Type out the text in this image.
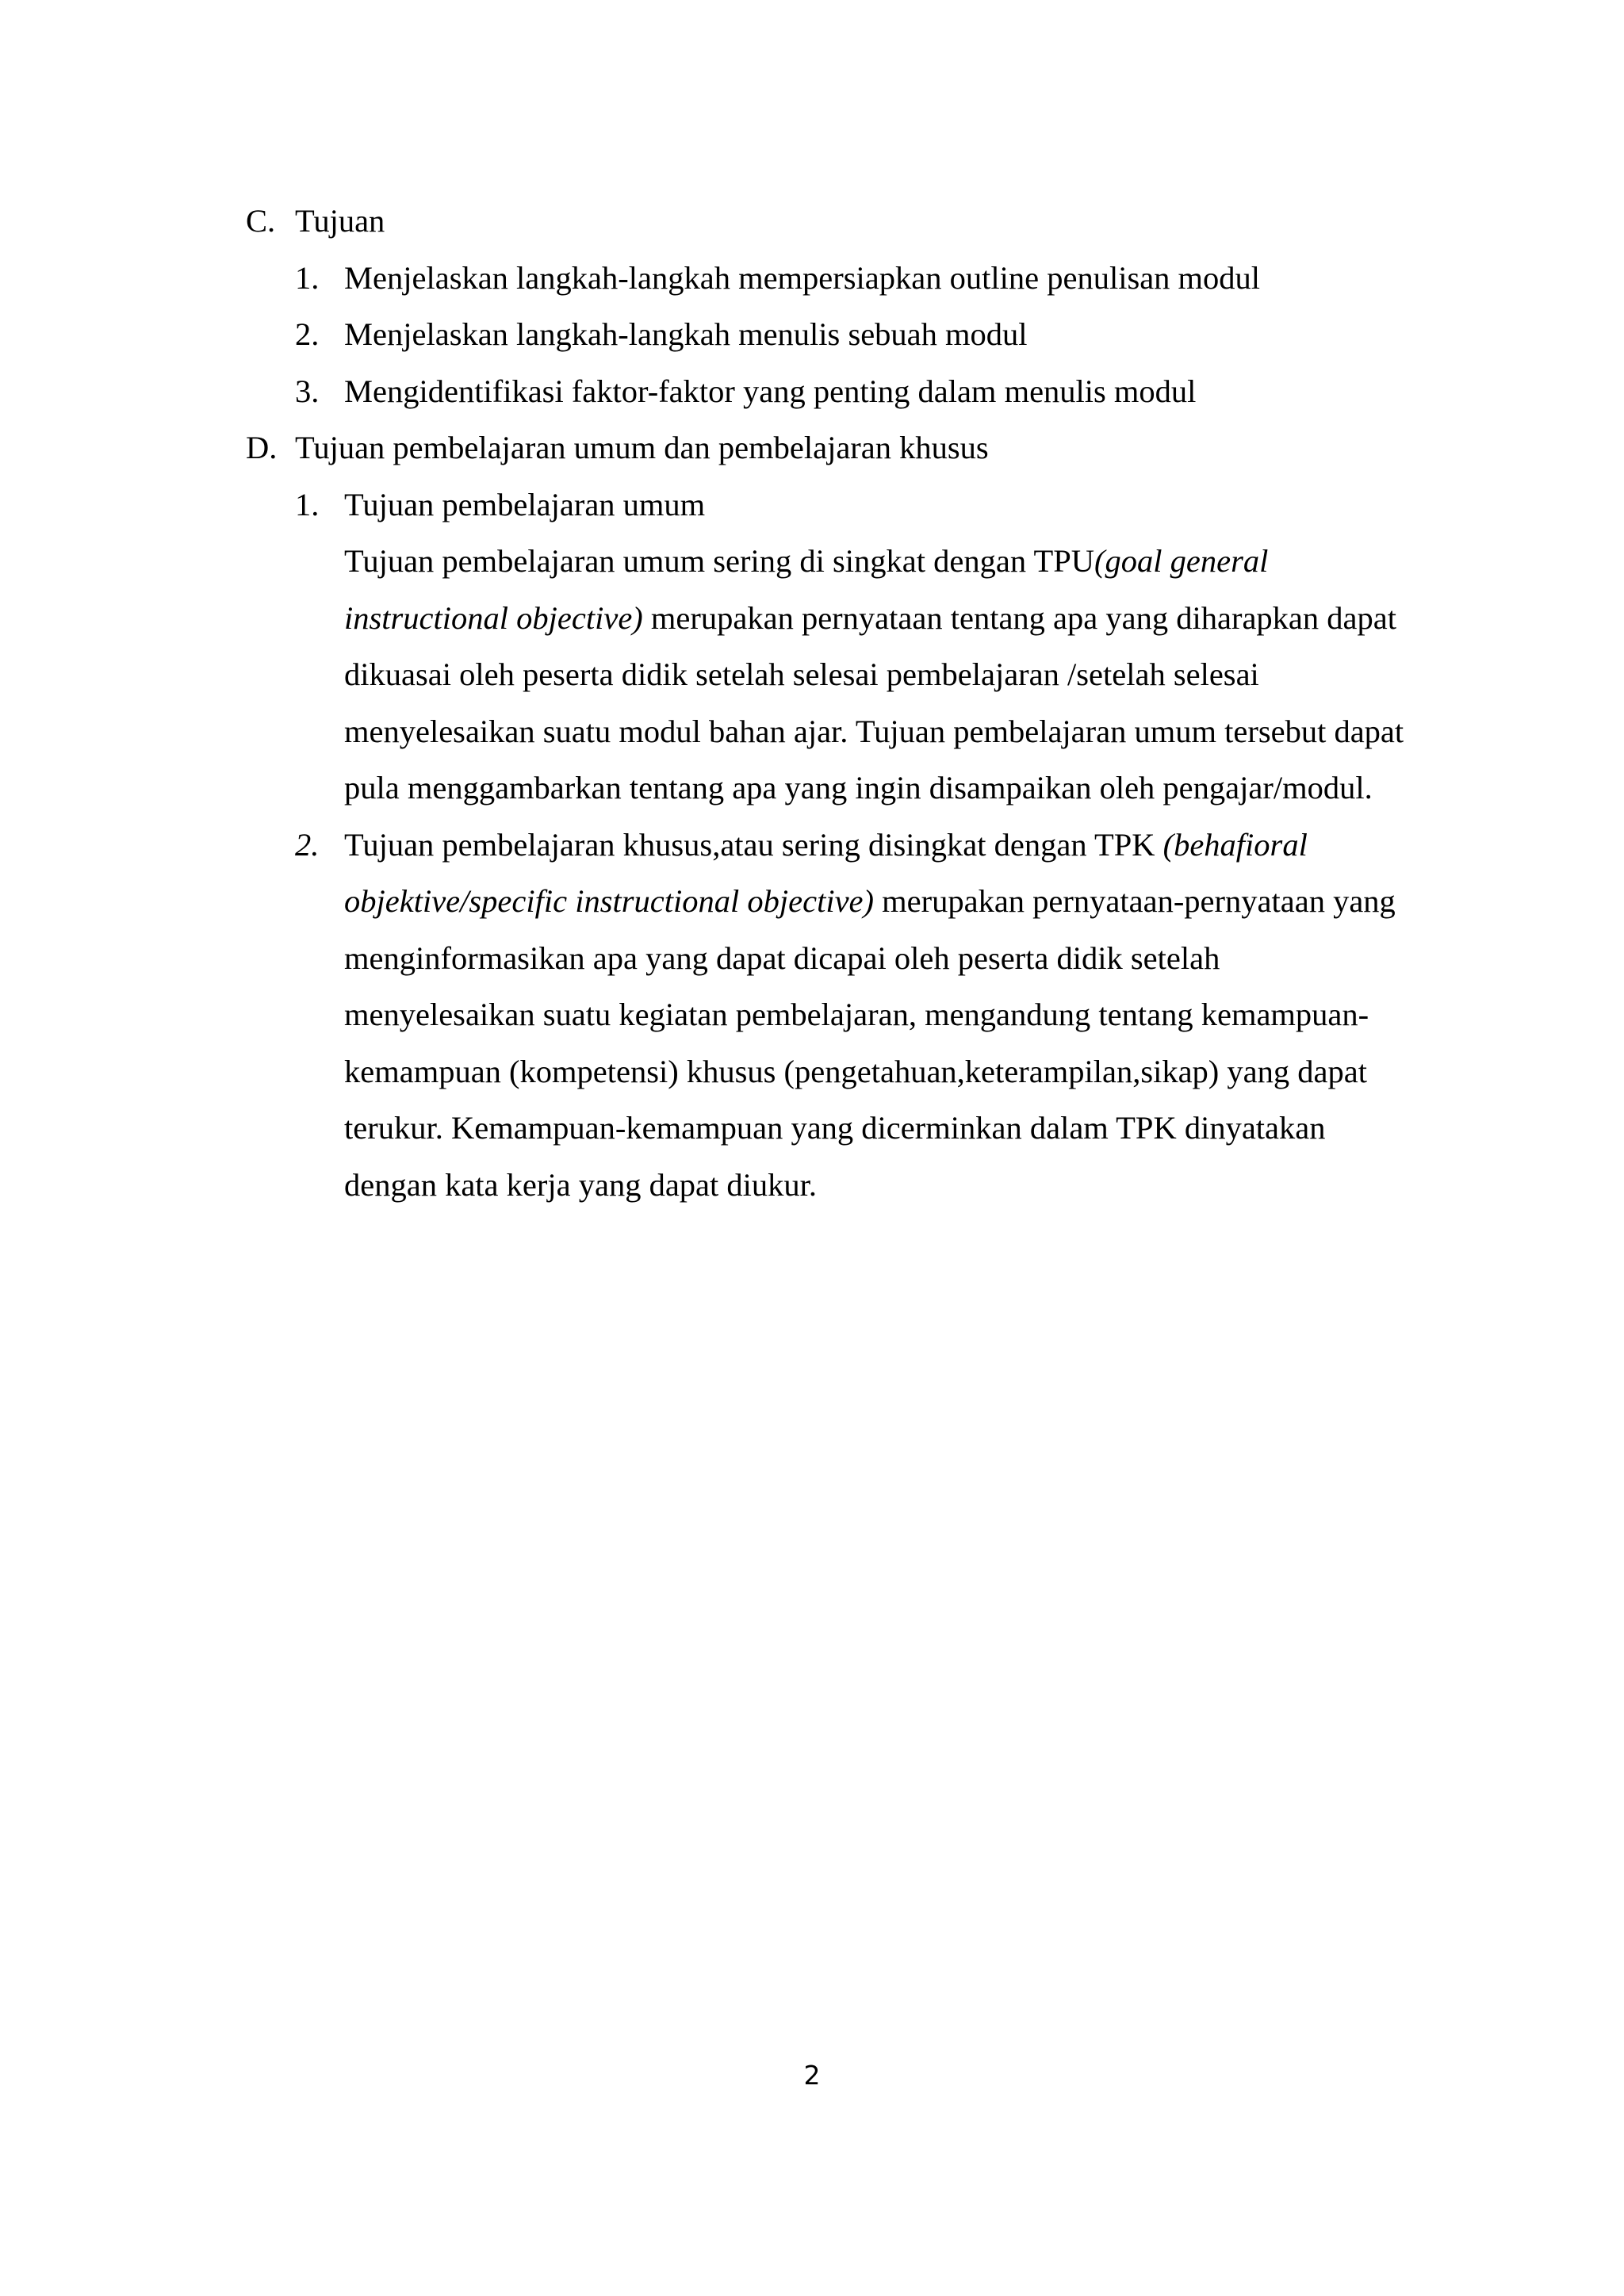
C. Tujuan
1. Menjelaskan langkah-langkah mempersiapkan outline penulisan modul
2. Menjelaskan langkah-langkah menulis sebuah modul
3. Mengidentifikasi faktor-faktor yang penting dalam menulis modul
D. Tujuan pembelajaran umum dan pembelajaran khusus
1. Tujuan pembelajaran umum
Tujuan pembelajaran umum sering di singkat dengan TPU(goal general
instructional objective) merupakan pernyataan tentang apa yang diharapkan dapat
dikuasai oleh peserta didik setelah selesai pembelajaran /setelah selesai
menyelesaikan suatu modul bahan ajar. Tujuan pembelajaran umum tersebut dapat
pula menggambarkan tentang apa yang ingin disampaikan oleh pengajar/modul.
2. Tujuan pembelajaran khusus,atau sering disingkat dengan TPK (behafioral
objektive/specific instructional objective) merupakan pernyataan-pernyataan yang
menginformasikan apa yang dapat dicapai oleh peserta didik setelah
menyelesaikan suatu kegiatan pembelajaran, mengandung tentang kemampuan-
kemampuan (kompetensi) khusus (pengetahuan,keterampilan,sikap) yang dapat
terukur. Kemampuan-kemampuan yang dicerminkan dalam TPK dinyatakan
dengan kata kerja yang dapat diukur.
2
